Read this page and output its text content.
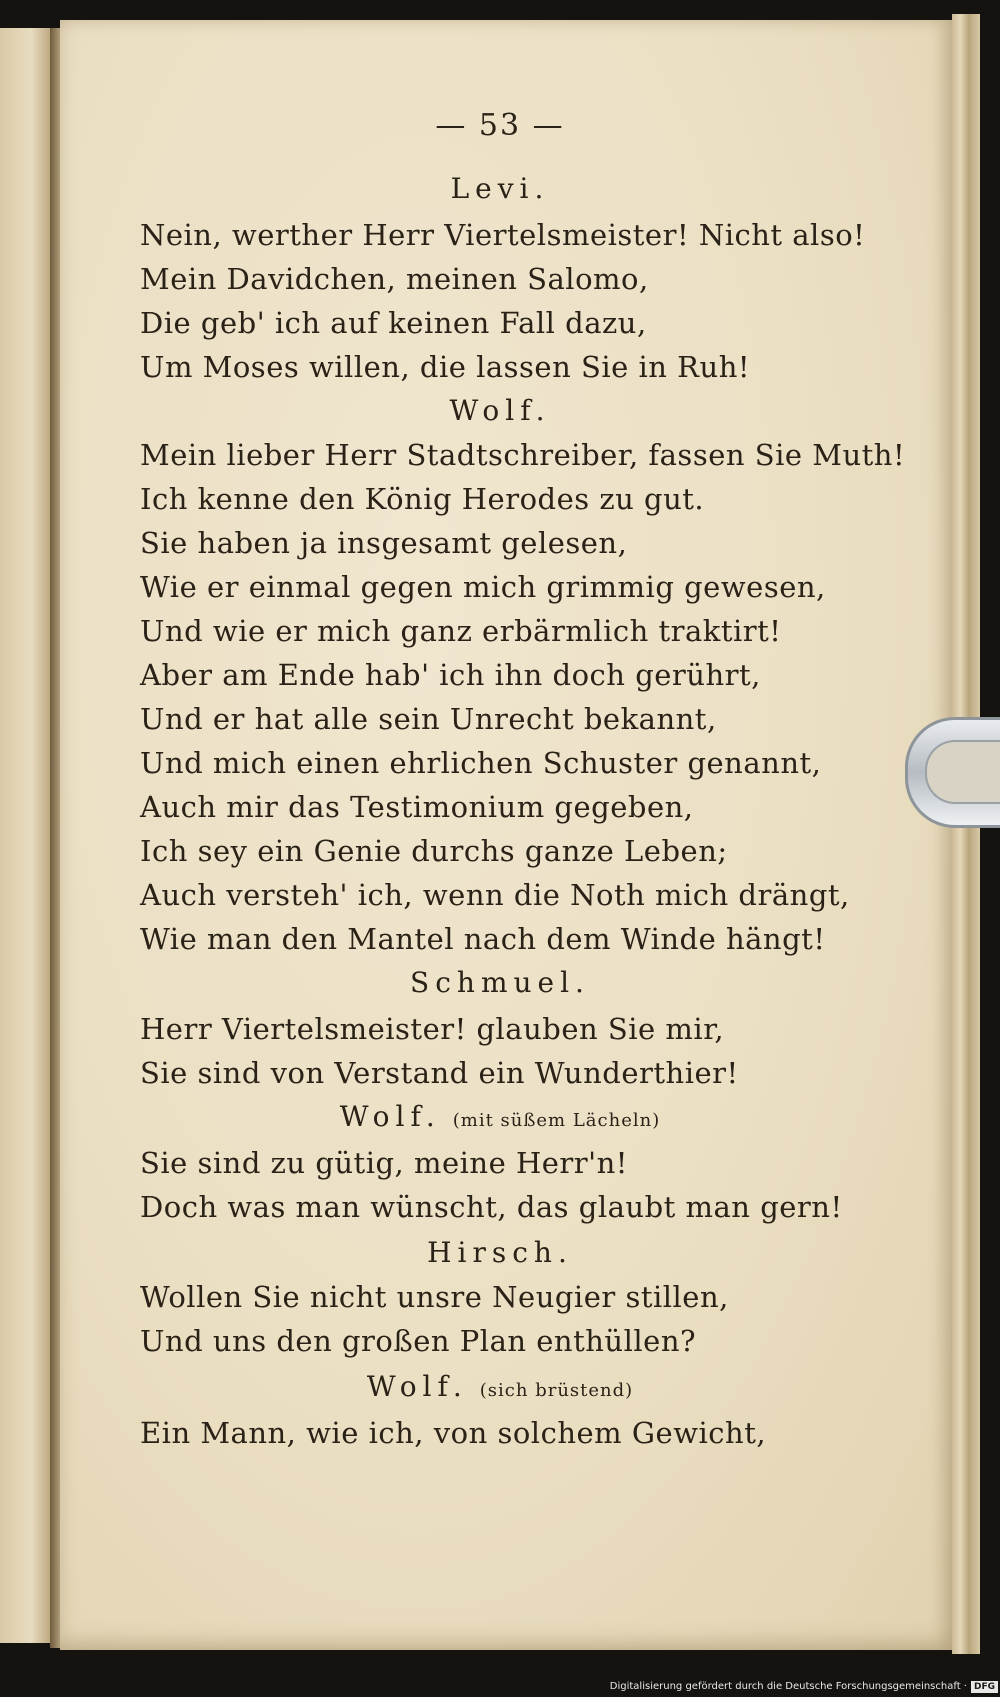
— 53 —
Levi.
Nein, werther Herr Viertelsmeister! Nicht also!
Mein Davidchen, meinen Salomo,
Die geb' ich auf keinen Fall dazu,
Um Moses willen, die lassen Sie in Ruh!
Wolf.
Mein lieber Herr Stadtschreiber, fassen Sie Muth!
Ich kenne den König Herodes zu gut.
Sie haben ja insgesamt gelesen,
Wie er einmal gegen mich grimmig gewesen,
Und wie er mich ganz erbärmlich traktirt!
Aber am Ende hab' ich ihn doch gerührt,
Und er hat alle sein Unrecht bekannt,
Und mich einen ehrlichen Schuster genannt,
Auch mir das Testimonium gegeben,
Ich sey ein Genie durchs ganze Leben;
Auch versteh' ich, wenn die Noth mich drängt,
Wie man den Mantel nach dem Winde hängt!
Schmuel.
Herr Viertelsmeister! glauben Sie mir,
Sie sind von Verstand ein Wunderthier!
Wolf. (mit süßem Lächeln)
Sie sind zu gütig, meine Herr'n!
Doch was man wünscht, das glaubt man gern!
Hirsch.
Wollen Sie nicht unsre Neugier stillen,
Und uns den großen Plan enthüllen?
Wolf. (sich brüstend)
Ein Mann, wie ich, von solchem Gewicht,
Digitalisierung gefördert durch die Deutsche Forschungsgemeinschaft · DFG
